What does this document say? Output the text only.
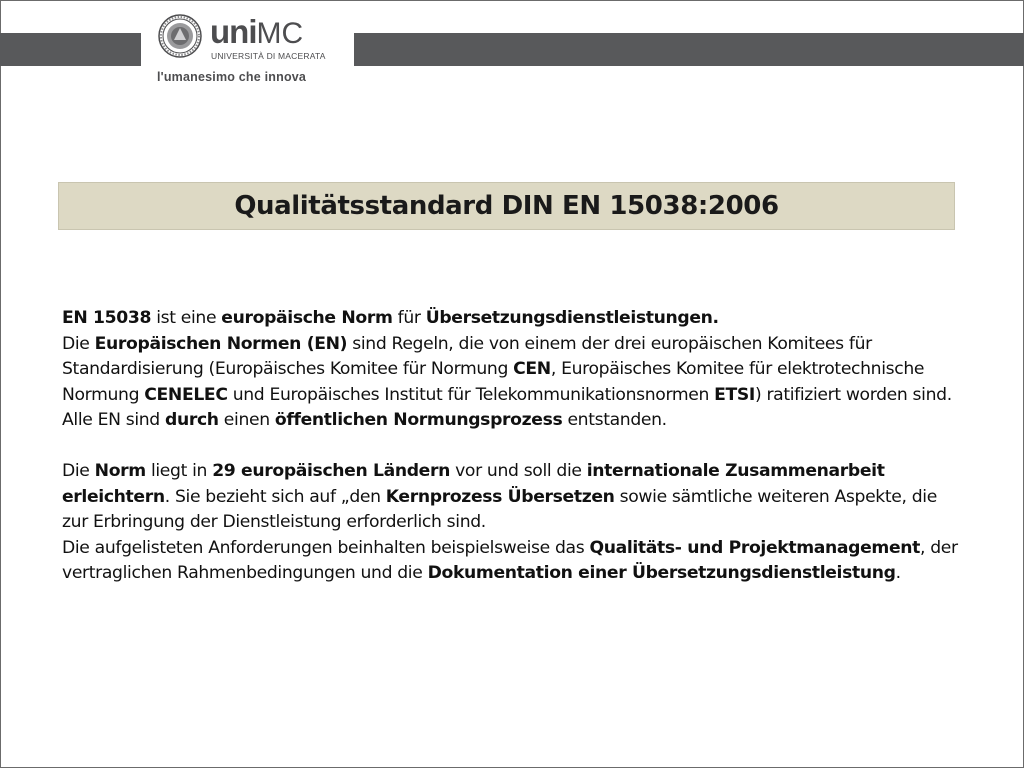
uniMC
UNIVERSITÀ DI MACERATA
l'umanesimo che innova
Qualitätsstandard DIN EN 15038:2006

EN 15038 ist eine europäische Norm für Übersetzungsdienstleistungen.

Die Europäischen Normen (EN) sind Regeln, die von einem der drei europäischen Komitees für Standardisierung (Europäisches Komitee für Normung CEN, Europäisches Komitee für elektrotechnische Normung CENELEC und Europäisches Institut für Telekommunikationsnormen ETSI) ratifiziert worden sind. Alle EN sind durch einen öffentlichen Normungsprozess entstanden.

Die Norm liegt in 29 europäischen Ländern vor und soll die internationale Zusammenarbeit erleichtern. Sie bezieht sich auf „den Kernprozess Übersetzen sowie sämtliche weiteren Aspekte, die zur Erbringung der Dienstleistung erforderlich sind.

Die aufgelisteten Anforderungen beinhalten beispielsweise das Qualitäts- und Projektmanagement, der vertraglichen Rahmenbedingungen und die Dokumentation einer Übersetzungsdienstleistung.
